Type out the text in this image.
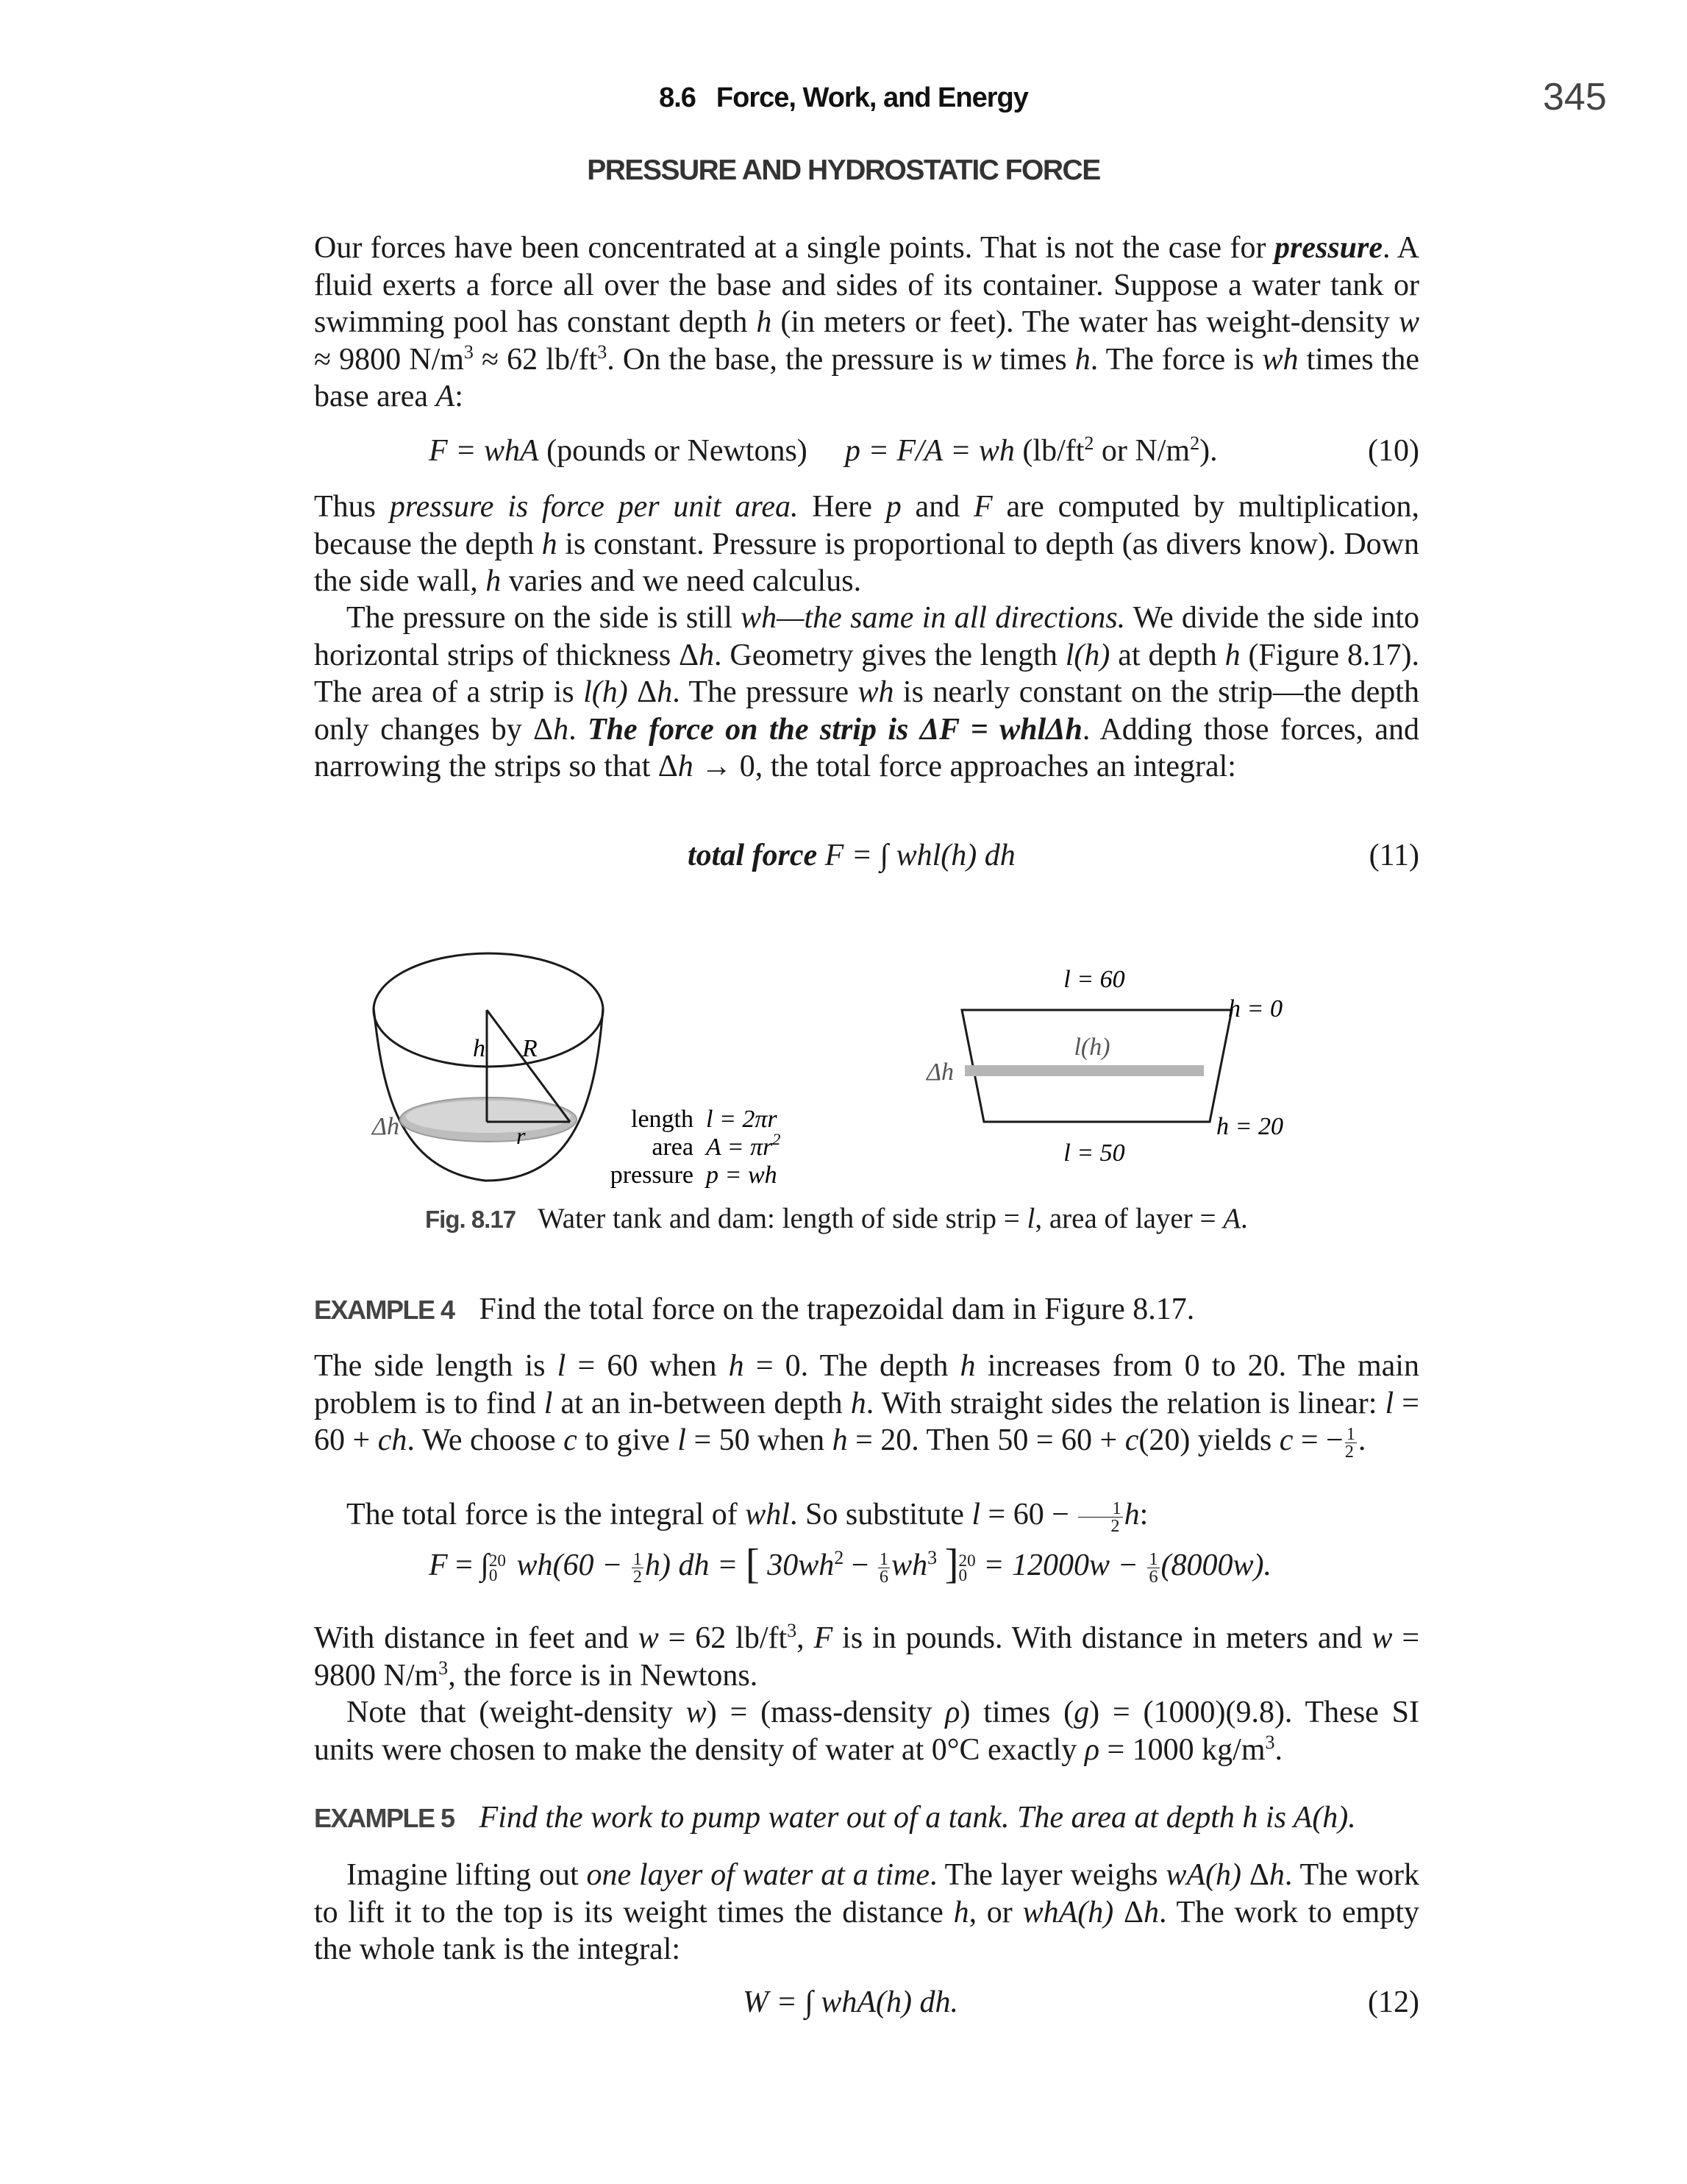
8.6 Force, Work, and Energy	345
PRESSURE AND HYDROSTATIC FORCE
Our forces have been concentrated at a single points. That is not the case for pressure. A fluid exerts a force all over the base and sides of its container. Suppose a water tank or swimming pool has constant depth h (in meters or feet). The water has weight-density w ≈ 9800 $N/m^3 \approx 62$ $lb/ft^3$. On the base, the pressure is w times h. The force is wh times the base area A:
F = whA (pounds or Newtons) p = F/A = wh ($lb/ft^2$ or $N/m^2$).	(10)
Thus pressure is force per unit area. Here p and F are computed by multiplication, because the depth h is constant. Pressure is proportional to depth (as divers know). Down the side wall, h varies and we need calculus.
The pressure on the side is still wh—the same in all directions. We divide the side into horizontal strips of thickness Δh. Geometry gives the length l(h) at depth h (Figure 8.17). The area of a strip is l(h) Δh. The pressure wh is nearly constant on the strip—the depth only changes by Δh. The force on the strip is ΔF = whlΔh. Adding those forces, and narrowing the strips so that Δh → 0, the total force approaches an integral:
total force F = ∫ whl(h) dh	(11)
h R
r
Δh	length l = 2πr
area $A = \pi r^2$
pressure p = wh
l = 60
h = 0
l(h)
Δh
l = 50
h = 20
Fig. 8.17 Water tank and dam: length of side strip = l, area of layer = A.
EXAMPLE 4 Find the total force on the trapezoidal dam in Figure 8.17.
The side length is l = 60 when h = 0. The depth h increases from 0 to 20. The main problem is to find l at an in-between depth h. With straight sides the relation is linear: l = 60 + ch. We choose c to give l = 50 when h = 20. Then 50 = 60 + c(20) yields c = − $\frac{1}{2}$ .
The total force is the integral of whl. So substitute $l = 60 - \frac{1}{2} h$:
F = ∫ 20
0 $wh(60 - \frac{1}{2} h)$ dh = [ $30wh^2 - \frac{1}{6} wh^3$ ] 20
$0 = 12000w - \frac{1}{6} (8000w)$.
With distance in feet and w = 62 $lb/ft^3$, F is in pounds. With distance in meters and w = 9800 $N/m^3$, the force is in Newtons.
Note that (weight-density w) = (mass-density ρ) times (g) = (1000)(9.8). These SI units were chosen to make the density of water at 0°C exactly ρ = 1000 $kg/m^3$.
EXAMPLE 5 Find the work to pump water out of a tank. The area at depth h is A(h).
Imagine lifting out one layer of water at a time. The layer weighs wA(h) Δh. The work to lift it to the top is its weight times the distance h, or whA(h) Δh. The work to empty the whole tank is the integral:
W = ∫ whA(h) dh.	(12)
